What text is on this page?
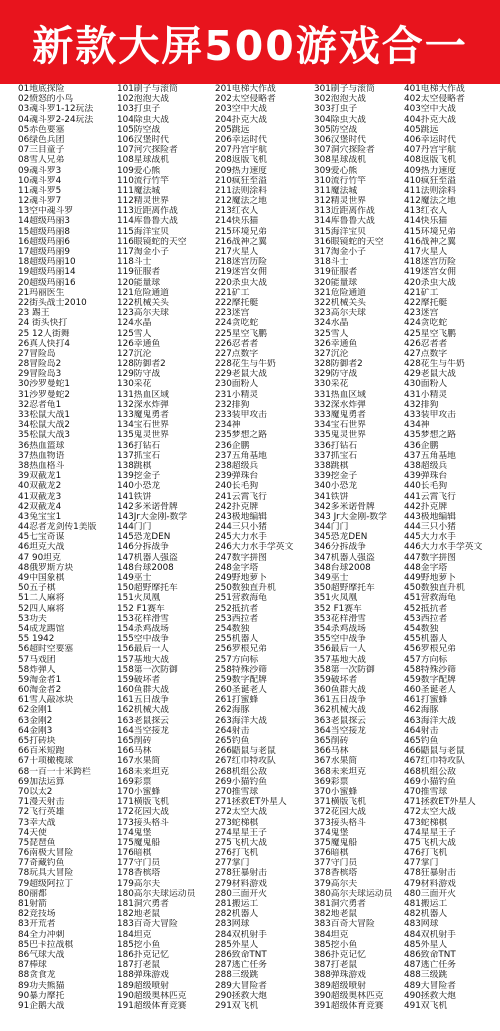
新款大屏500游戏合一
01地底探险
02愤怒的小鸟
03魂斗罗1-12玩法
04魂斗罗2-24玩法
05赤色要塞
06绿色兵团
07三目童子
08雪人兄弟
09魂斗罗3
10魂斗罗4
11魂斗罗5
12魂斗罗7
13空中魂斗罗
14超级玛丽3
15超级玛丽8
16超级玛丽6
17超级玛丽9
18超级玛丽10
19超级玛丽14
20超级玛丽16
21玛丽医生
22街头战士2010
23 踢王
24 街头快打
25 12人街舞
26真人快打4
27冒险岛
28冒险岛2
29冒险岛3
30沙罗曼蛇1
31沙罗曼蛇2
32忍者龟1
33松鼠大战1
34松鼠大战2
35松鼠大战3
36热血篮球
37热血物语
38热血格斗
39双截龙1
40双截龙2
41双截龙3
42双截龙4
43兔宝宝1
44忍者龙剑传1美版
45七宝奇谋
46坦克大战
47 90坦克
48俄罗斯方块
49中国象棋
50五子棋
51二人麻将
52四人麻将
53功夫
54成龙踢馆
55 1942
56超时空要塞
57马戏团
58炸弹人
59淘金者1
60淘金者2
61雪人敲冰块
62金刚1
63金刚2
64金刚3
65打砖块
66百米短跑
67十项橄榄球
68一百一十米跨栏
69加法运算
70以太2
71漫天射击
72飞行英雄
73幸大战
74天使
75琵琶鱼
76南极大冒险
77奇藏钓鱼
78玩具大冒险
79超级阿拉丁
80丽都
81射箭
82竞技场
83开荒者
84全力冲刺
85巴卡拉战棋
86气球大战
87棒球
88贪食龙
89功夫熊猫
90暴力摩托
91企鹅大战
101刷子与滚筒
102泡泡大战
103打虫子
104除虫大战
105防空战
106汉堡时代
107河穴探险者
108星球战机
109爱心熊
110流行竹竿
111魔法城
112精灵世界
113近距离作战
114库鲁鲁大战
115海洋宝贝
116眼镜蛇的天空
117淘金小子
118斗士
119征服者
120能量球
121危险通道
122机械关头
123高尔夫球
124水晶
125雪人
126幸通鱼
127沉沦
128防御者2
129防守战
130采花
131热血区域
132深水炸弹
133魔鬼勇者
134宝石世界
135鬼灵世界
136打钻石
137抓宝石
138跳棋
139挖金子
140小恐龙
141铁饼
142多米诺骨牌
143Jr大金刚-数学
144门门
145恐龙DEN
146分拆战争
147机器人强盗
148台球2008
149巫士
150超野摩托车
151火凤凰
152 F1赛车
153花样滑雪
154杀鸡战场
155空中战争
156最后一人
157基地大战
158第一次防御
159破坏者
160鱼群大战
161五日战争
162机械大战
163老鼠探云
164当空接龙
165削砖
166马林
167水果简
168未来坦克
169彩票
170小蜜蜂
171横版飞机
172花园大战
173接头格斗
174鬼堡
175魔鬼船
176暗棋
177守门员
178香槟塔
179高尔夫
180高尔夫球运动员
181洞穴勇者
182地老鼠
183百奇大冒险
184坦克
185挖小鱼
186扑克记忆
187打老鼠
188弹珠游戏
189超级喷射
190超级奥林匹克
191超级体育竞赛
201电梯大作战
202太空侵略者
203空中大战
204扑克大战
205跳远
206幸运时代
207丹宫宇航
208返版飞机
209热力速度
210疯狂至溢
211法则涂料
212魔法之地
213红衣人
214快乐猫
215环境兄弟
216战神之翼
217火星人
218迷宫历险
219迷宫女佣
220杀虫大战
221矿工
222摩托艇
223迷宫
224贪吃蛇
225星空飞鹏
226忍者者
227点数字
228花生与牛奶
229老鼠大战
230面粉人
231小精灵
232排狗
233装甲攻击
234神
235梦想之路
236企鹏
237五角基地
238超级兵
239弹珠台
240长毛狗
241云霄飞行
242扑克牌
243极地编辑
244三只小猪
245大力水手
246大力水手学英文
247数字拼图
248金字塔
249野地萝卜
250数独直升机
251营救海龟
252抵抗者
253西拉者
254数独
255机器人
256罗根兄弟
257方向标
258特殊沙筛
259数字配牌
260圣诞老人
261打蜜蜂
262海豚
263海洋大战
264射击
265钓鱼
266鼯鼠与老鼠
267红巾特攻队
268机组公敌
269小猫钓鱼
270推雪球
271拯救ET外星人
272太空大战
273蛇梯棋
274星星王子
275飞机大战
276打飞机
277掌门
278狂暴射击
279材料游戏
280三面开火
281搬运工
282机器人
283网球
284双机射手
285外星人
286致命TNT
287逃亡任务
288三级跳
289大冒险者
290拯救大炮
291双飞机
301刷子与滚筒
302泡泡大战
303打虫子
304除虫大战
305防空战
306汉堡时代
307洞穴探险者
308星球战机
309爱心熊
310流行竹竿
311魔法城
312精灵世界
313近距离作战
314库鲁鲁大战
315海洋宝贝
316眼镜蛇的天空
317淘金小子
318斗士
319征服者
320能量球
321危险通道
322机械关头
323高尔夫球
324水晶
325雪人
326幸通鱼
327沉沦
328防御者2
329防守战
330采花
331热血区域
332深水炸弹
333魔鬼勇者
334宝石世界
335鬼灵世界
336打钻石
337抓宝石
338跳棋
339挖金子
340小恐龙
341铁饼
342多米诺骨牌
343 Jr大金刚-数学
344门门
345恐龙DEN
346分拆战争
347机器人强盗
348台球2008
349巫士
350超野摩托车
351火凤凰
352 F1赛车
353花样滑雪
354杀鸡战场
355空中战争
356最后一人
357基地大战
358第一次防御
359破坏者
360鱼群大战
361五日战争
362机械大战
363老鼠探云
364当空接龙
365削砖
366马林
367水果简
368未来坦克
369彩票
370小蜜蜂
371横版飞机
372花园大战
373接头格斗
374鬼堡
375魔鬼船
376暗棋
377守门员
378香槟塔
379高尔夫
380高尔夫球运动员
381洞穴勇者
382地老鼠
383百奇大冒险
384坦克
385挖小鱼
386扑克记忆
387打老鼠
388弹珠游戏
389超级喷射
390超级奥林匹克
391超级体育竞赛
401电梯大作战
402太空侵略者
403空中大战
404扑克大战
405跳远
406幸运时代
407丹宫宇航
408返版飞机
409热力速度
410疯狂至溢
411法则涂料
412魔法之地
413红衣人
414快乐猫
415环境兄弟
416战神之翼
417火星人
418迷宫历险
419迷宫女佣
420杀虫大战
421矿工
422摩托艇
423迷宫
424贪吃蛇
425星空飞鹏
426忍者者
427点数字
428花生与牛奶
429老鼠大战
430面粉人
431小精灵
432排狗
433装甲攻击
434神
435梦想之路
436企鹏
437五角基地
438超级兵
439弹珠台
440长毛狗
441云霄飞行
442扑克牌
443极地编辑
444三只小猪
445大力水手
446大力水手学英文
447数字拼图
448金字塔
449野地萝卜
450数独直升机
451营救海龟
452抵抗者
453西拉者
454数独
455机器人
456罗根兄弟
457方向标
458特殊沙筛
459数字配牌
460圣诞老人
461打蜜蜂
462海豚
463海洋大战
464射击
465钓鱼
466鼯鼠与老鼠
467红巾特攻队
468机组公敌
469小猫钓鱼
470推雪球
471拯救ET外星人
472太空大战
473蛇梯棋
474星星王子
475飞机大战
476打飞机
477掌门
478狂暴射击
479材料游戏
480三面开火
481搬运工
482机器人
483网球
484双机射手
485外星人
486致命TNT
487逃亡任务
488三级跳
489大冒险者
490拯救大炮
491双飞机
